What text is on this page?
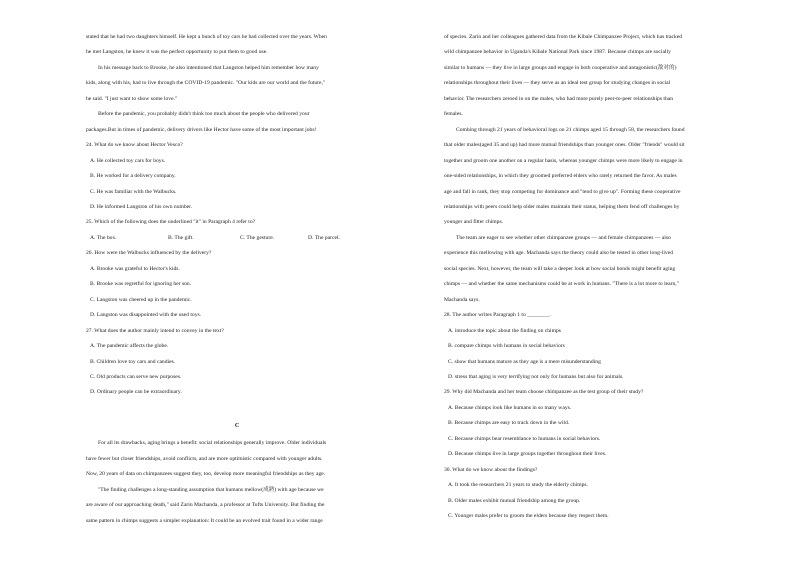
stated that he had two daughters himself. He kept a bunch of toy cars he had collected over the years. When

he met Langston, he knew it was the perfect opportunity to put them to good use.

In his message back to Brooke, he also intentioned that Langston helped him remember how many

kids, along with his, had to live through the COVID-19 pandemic. "Our kids are our world and the future,"

he said. "I just want to show some love."

Before the pandemic, you probably didn't think too much about the people who delivered your

packages.But in times of pandemic, delivery drivers like Hector have some of the most important jobs!

24. What do we know about Hector Vesco?

A. He collected toy cars for boys.

B. He worked for a delivery company.

C. He was familiar with the Walbucks.

D. He informed Langston of his own number.

25. Which of the following does the underlined "it" in Paragraph 4 refer to?

A. The box.	B. The gift.	C. The gesture.	D. The parcel.

26. How were the Walbucks influenced by the delivery?

A. Brooke was grateful to Hector's kids.

B. Brooke was regretful for ignoring her son.

C. Langston was cheered up in the pandemic.

D. Langston was disappointed with the used toys.

27. What does the author mainly intend to convey in the text?

A. The pandemic affects the globe.

B. Children love toy cars and candies.

C. Old products can serve new purposes.

D. Ordinary people can be extraordinary.

C

For all its drawbacks, aging brings a benefit: social relationships generally improve. Older individuals

have fewer but closer friendships, avoid conflicts, and are more optimistic compared with younger adults.

Now, 20 years of data on chimpanzees suggest they, too, develop more meaningful friendships as they age.

"The finding challenges a long-standing assumption that humans mellow(成熟) with age because we

are aware of our approaching death," said Zarin Machanda, a professor at Tufts University. But finding the

same pattern in chimps suggests a simpler explanation: It could be an evolved trait found in a wider range

of species. Zarin and her colleagues gathered data from the Kibale Chimpanzee Project, which has tracked

wild chimpanzee behavior in Uganda's Kibale National Park since 1987. Because chimps are socially

similar to humans — they live in large groups and engage in both cooperative and antagonistic(敌对的)

relationships throughout their lives — they serve as an ideal test group for studying changes in social

behavior. The researchers zeroed in on the males, who had more purely peer-to-peer relationships than

females.

Combing through 21 years of behavioral logs on 21 chimps aged 15 through 58, the researchers found

that older males(aged 35 and up) had more mutual friendships than younger ones. Older "friends" would sit

together and groom one another on a regular basis, whereas younger chimps were more likely to engage in

one-sided relationships, in which they groomed preferred elders who rarely returned the favor. As males

age and fall in rank, they stop competing for dominance and "tend to give up". Forming these cooperative

relationships with peers could help older males maintain their status, helping them fend off challenges by

younger and fitter chimps.

The team are eager to see whether other chimpanzee groups — and female chimpanzees — also

experience this mellowing with age. Machanda says the theory could also be tested in other long-lived

social species. Next, however, the team will take a deeper look at how social bonds might benefit aging

chimps — and whether the same mechanisms could be at work in humans. "There is a lot more to learn,"

Machanda says.

28. The author writes Paragraph 1 to ________.

A. introduce the topic about the finding on chimps

B. compare chimps with humans in social behaviors

C. show that humans mature as they age is a mere misunderstanding

D. stress that aging is very terrifying not only for humans but also for animals.

29. Why did Machanda and her team choose chimpanzee as the test group of their study?

A. Because chimps look like humans in so many ways.

B. Because chimps are easy to track down in the wild.

C. Because chimps bear resemblance to humans in social behaviors.

D. Because chimps live in large groups together throughout their lives.

30. What do we know about the findings?

A. It took the researchers 21 years to study the elderly chimps.

B. Older males exhibit mutual friendship among the group.

C. Younger males prefer to groom the elders because they respect them.
